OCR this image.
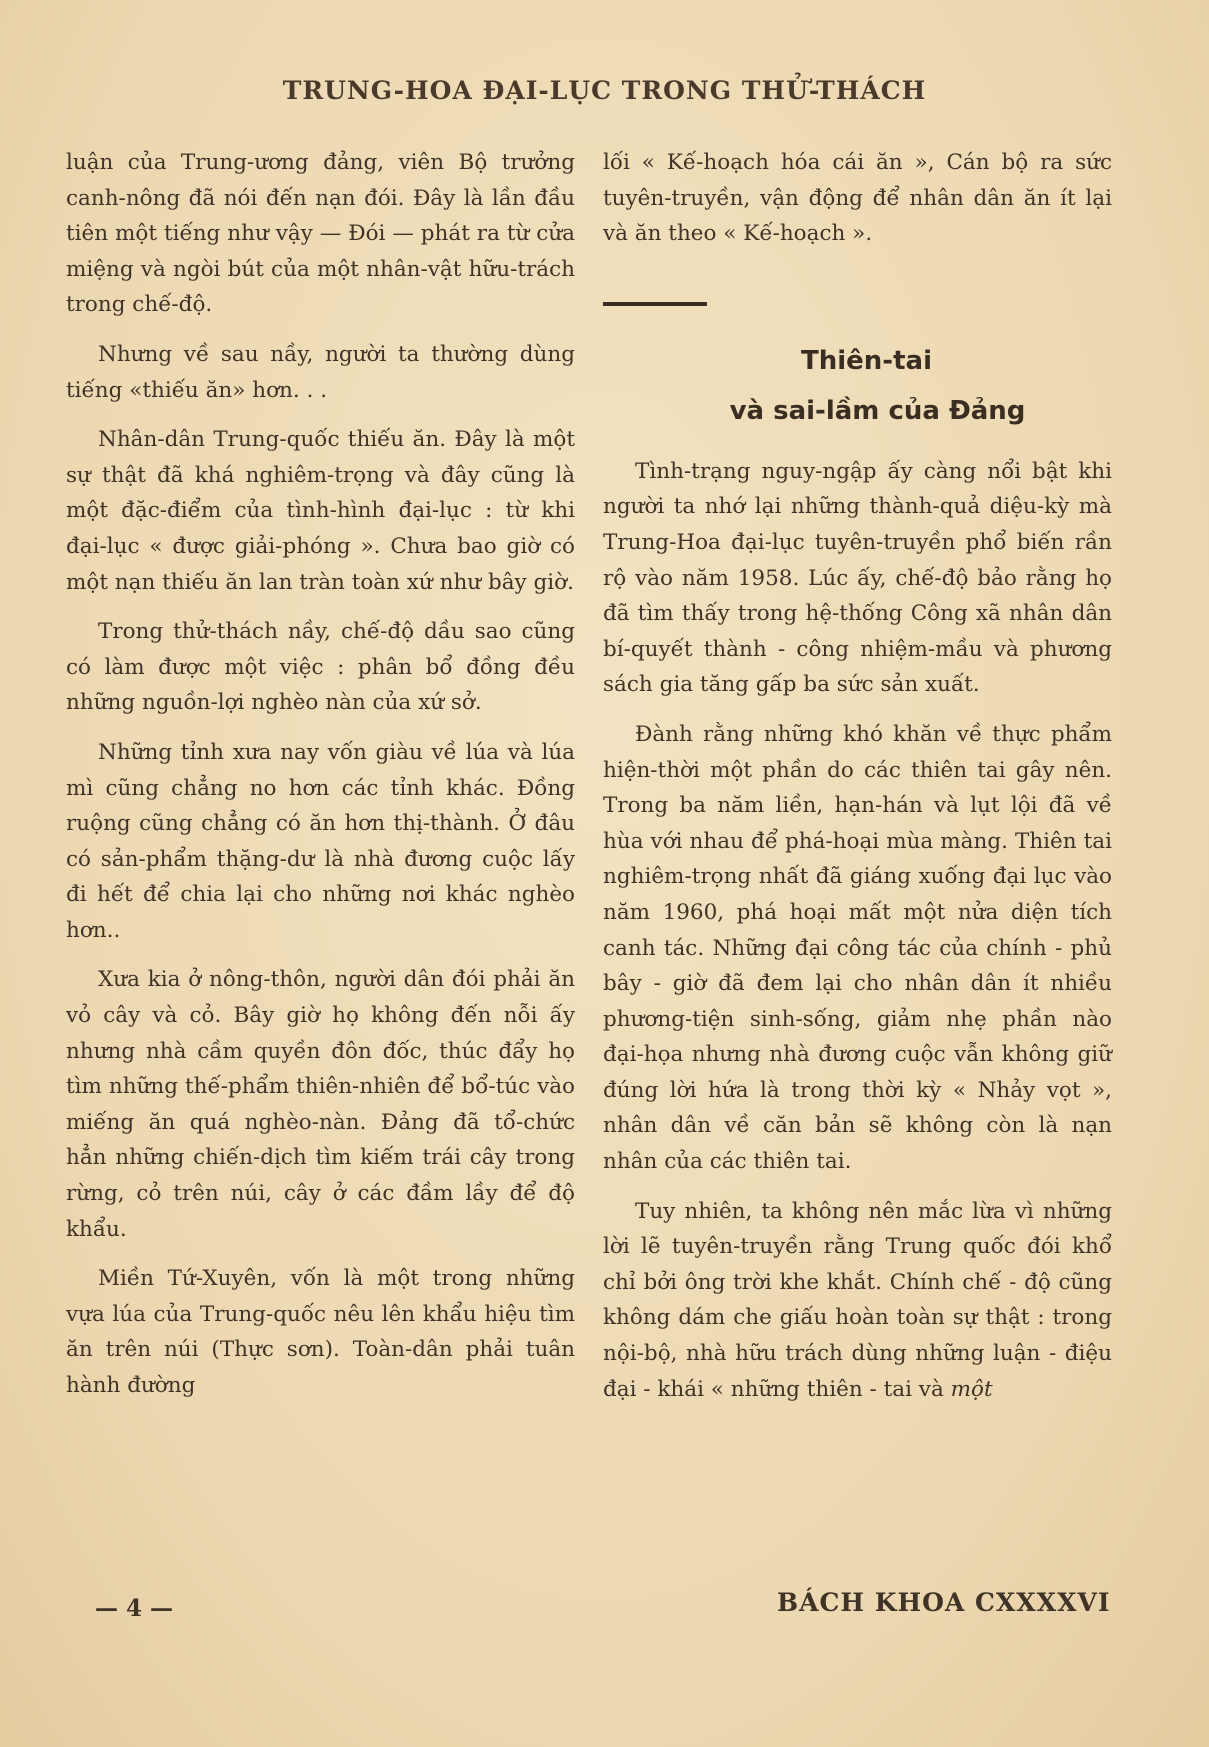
TRUNG-HOA ĐẠI-LỤC TRONG THỬ-THÁCH

luận của Trung-ương đảng, viên Bộ trưởng canh-nông đã nói đến nạn đói. Đây là lần đầu tiên một tiếng như vậy — Đói — phát ra từ cửa miệng và ngòi bút của một nhân-vật hữu-trách trong chế-độ.

Nhưng về sau nầy, người ta thường dùng tiếng «thiếu ăn» hơn. . .

Nhân-dân Trung-quốc thiếu ăn. Đây là một sự thật đã khá nghiêm-trọng và đây cũng là một đặc-điểm của tình-hình đại-lục : từ khi đại-lục « được giải-phóng ». Chưa bao giờ có một nạn thiếu ăn lan tràn toàn xứ như bây giờ.

Trong thử-thách nầy, chế-độ dầu sao cũng có làm được một việc : phân bổ đồng đều những nguồn-lợi nghèo nàn của xứ sở.

Những tỉnh xưa nay vốn giàu về lúa và lúa mì cũng chẳng no hơn các tỉnh khác. Đồng ruộng cũng chẳng có ăn hơn thị-thành. Ở đâu có sản-phẩm thặng-dư là nhà đương cuộc lấy đi hết để chia lại cho những nơi khác nghèo hơn..

Xưa kia ở nông-thôn, người dân đói phải ăn vỏ cây và cỏ. Bây giờ họ không đến nỗi ấy nhưng nhà cầm quyền đôn đốc, thúc đẩy họ tìm những thế-phẩm thiên-nhiên để bổ-túc vào miếng ăn quá nghèo-nàn. Đảng đã tổ-chức hẳn những chiến-dịch tìm kiếm trái cây trong rừng, cỏ trên núi, cây ở các đầm lầy để độ khẩu.

Miền Tứ-Xuyên, vốn là một trong những vựa lúa của Trung-quốc nêu lên khẩu hiệu tìm ăn trên núi (Thực sơn). Toàn-dân phải tuân hành đường

lối « Kế-hoạch hóa cái ăn », Cán bộ ra sức tuyên-truyền, vận động để nhân dân ăn ít lại và ăn theo « Kế-hoạch ».

Thiên-tai
và sai-lầm của Đảng

Tình-trạng nguy-ngập ấy càng nổi bật khi người ta nhớ lại những thành-quả diệu-kỳ mà Trung-Hoa đại-lục tuyên-truyền phổ biến rần rộ vào năm 1958. Lúc ấy, chế-độ bảo rằng họ đã tìm thấy trong hệ-thống Công xã nhân dân bí-quyết thành - công nhiệm-mầu và phương sách gia tăng gấp ba sức sản xuất.

Đành rằng những khó khăn về thực phẩm hiện-thời một phần do các thiên tai gây nên. Trong ba năm liền, hạn-hán và lụt lội đã về hùa với nhau để phá-hoại mùa màng. Thiên tai nghiêm-trọng nhất đã giáng xuống đại lục vào năm 1960, phá hoại mất một nửa diện tích canh tác. Những đại công tác của chính - phủ bây - giờ đã đem lại cho nhân dân ít nhiều phương-tiện sinh-sống, giảm nhẹ phần nào đại-họa nhưng nhà đương cuộc vẫn không giữ đúng lời hứa là trong thời kỳ « Nhảy vọt », nhân dân về căn bản sẽ không còn là nạn nhân của các thiên tai.

Tuy nhiên, ta không nên mắc lừa vì những lời lẽ tuyên-truyền rằng Trung quốc đói khổ chỉ bởi ông trời khe khắt. Chính chế - độ cũng không dám che giấu hoàn toàn sự thật : trong nội-bộ, nhà hữu trách dùng những luận - điệu đại - khái « những thiên - tai và một

— 4 —	BÁCH KHOA CXXXXVI
